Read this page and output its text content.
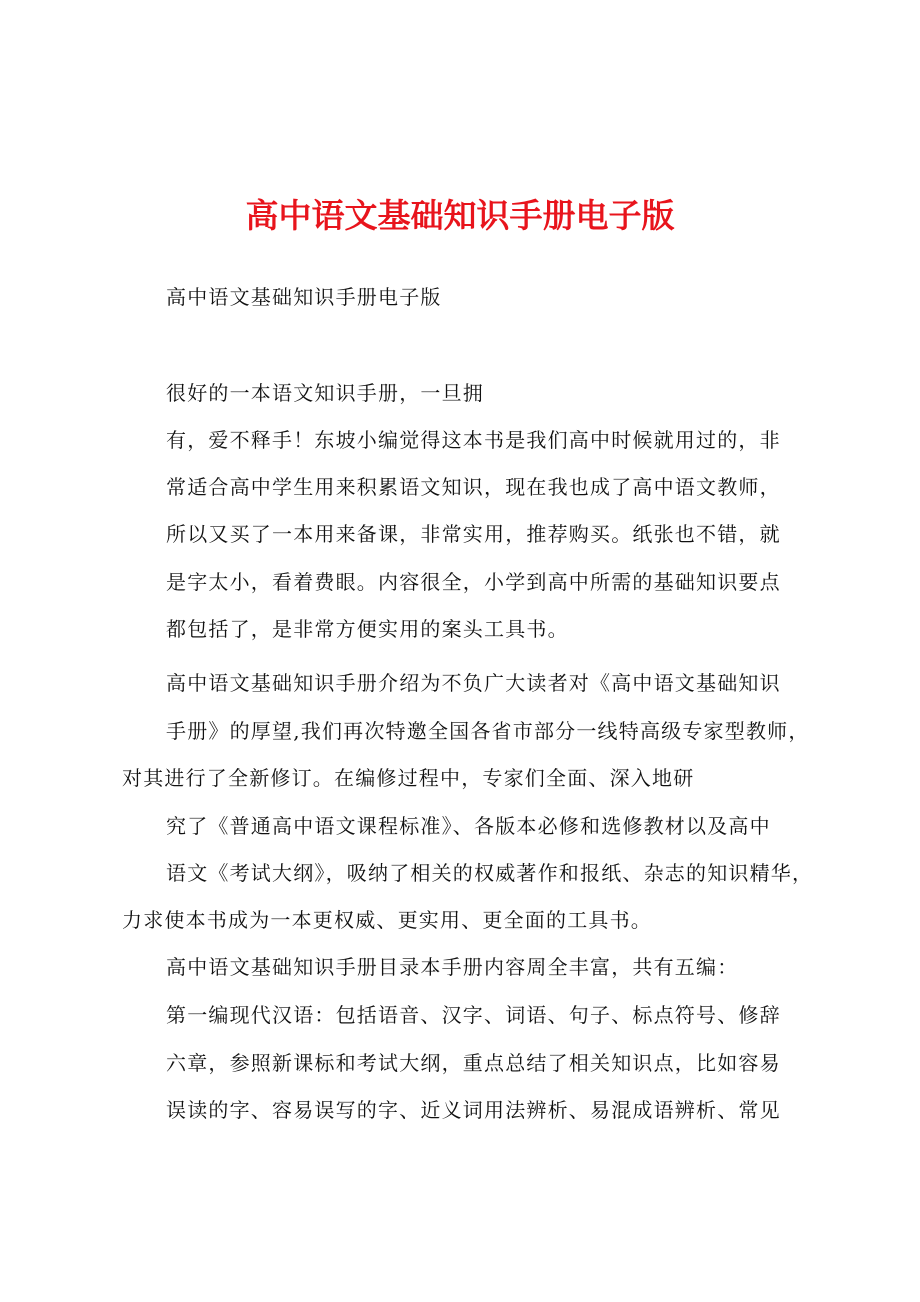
高中语文基础知识手册电子版
高中语文基础知识手册电子版
很好的一本语文知识手册，一旦拥
有，爱不释手！东坡小编觉得这本书是我们高中时候就用过的，非
常适合高中学生用来积累语文知识，现在我也成了高中语文教师，
所以又买了一本用来备课，非常实用，推荐购买。纸张也不错，就
是字太小，看着费眼。内容很全，小学到高中所需的基础知识要点
都包括了，是非常方便实用的案头工具书。
高中语文基础知识手册介绍为不负广大读者对《高中语文基础知识
手册》的厚望,我们再次特邀全国各省市部分一线特高级专家型教师，
对其进行了全新修订。在编修过程中，专家们全面、深入地研
究了《普通高中语文课程标准》、各版本必修和选修教材以及高中
语文《考试大纲》，吸纳了相关的权威著作和报纸、杂志的知识精华，
力求使本书成为一本更权威、更实用、更全面的工具书。
高中语文基础知识手册目录本手册内容周全丰富，共有五编：
第一编现代汉语：包括语音、汉字、词语、句子、标点符号、修辞
六章，参照新课标和考试大纲，重点总结了相关知识点，比如容易
误读的字、容易误写的字、近义词用法辨析、易混成语辨析、常见
